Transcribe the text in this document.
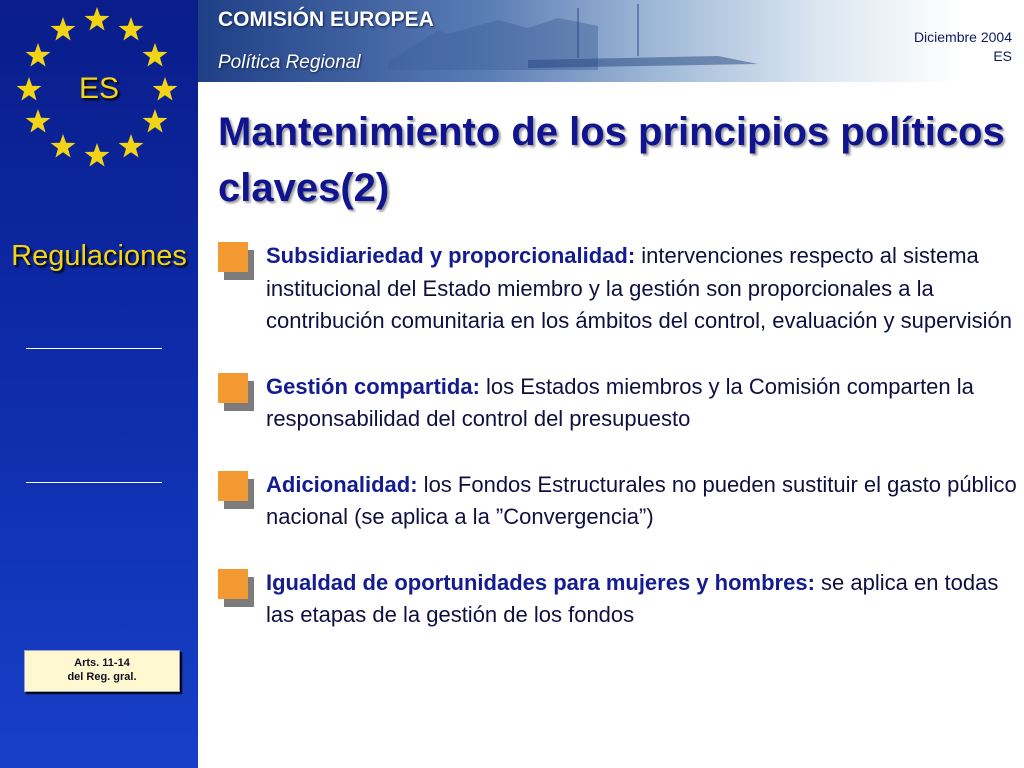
ES
Regulaciones
Arts. 11-14
del Reg. gral.
COMISIÓN EUROPEA
Política Regional
Diciembre 2004
ES
Mantenimiento de los principios políticos claves(2)
Subsidiariedad y proporcionalidad: intervenciones respecto al sistema institucional del Estado miembro y la gestión son proporcionales a la contribución comunitaria en los ámbitos del control, evaluación y supervisión
Gestión compartida: los Estados miembros y la Comisión comparten la responsabilidad del control del presupuesto
Adicionalidad: los Fondos Estructurales no pueden sustituir el gasto público nacional (se aplica a la ”Convergencia”)
Igualdad de oportunidades para mujeres y hombres: se aplica en todas las etapas de la gestión de los fondos
